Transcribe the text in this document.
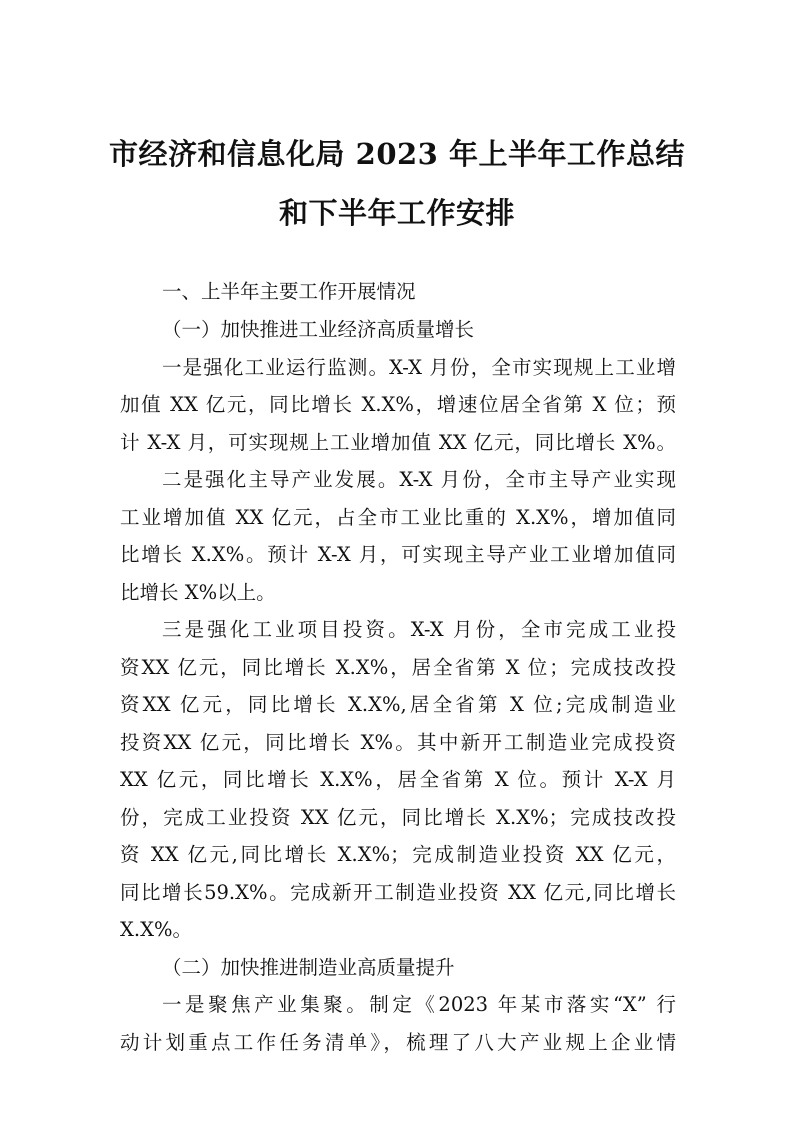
市经济和信息化局 2023 年上半年工作总结
和下半年工作安排
一、上半年主要工作开展情况
（一）加快推进工业经济高质量增长
一是强化工业运行监测。X-X 月份，全市实现规上工业增
加值 XX 亿元，同比增长 X.X%，增速位居全省第 X 位；预
计 X-X 月，可实现规上工业增加值 XX 亿元，同比增长 X%。
二是强化主导产业发展。X-X 月份，全市主导产业实现
工业增加值 XX 亿元，占全市工业比重的 X.X%，增加值同
比增长 X.X%。预计 X-X 月，可实现主导产业工业增加值同
比增长 X%以上。
三是强化工业项目投资。X-X 月份，全市完成工业投
资XX 亿元，同比增长 X.X%，居全省第 X 位；完成技改投
资XX 亿元，同比增长 X.X%,居全省第 X 位;完成制造业
投资XX 亿元，同比增长 X%。其中新开工制造业完成投资
XX 亿元，同比增长 X.X%，居全省第 X 位。预计 X-X 月
份，完成工业投资 XX 亿元，同比增长 X.X%；完成技改投
资 XX 亿元,同比增长 X.X%；完成制造业投资 XX 亿元，
同比增长59.X%。完成新开工制造业投资 XX 亿元,同比增长
X.X%。
（二）加快推进制造业高质量提升
一是聚焦产业集聚。制定《2023 年某市落实“X” 行
动计划重点工作任务清单》，梳理了八大产业规上企业情
